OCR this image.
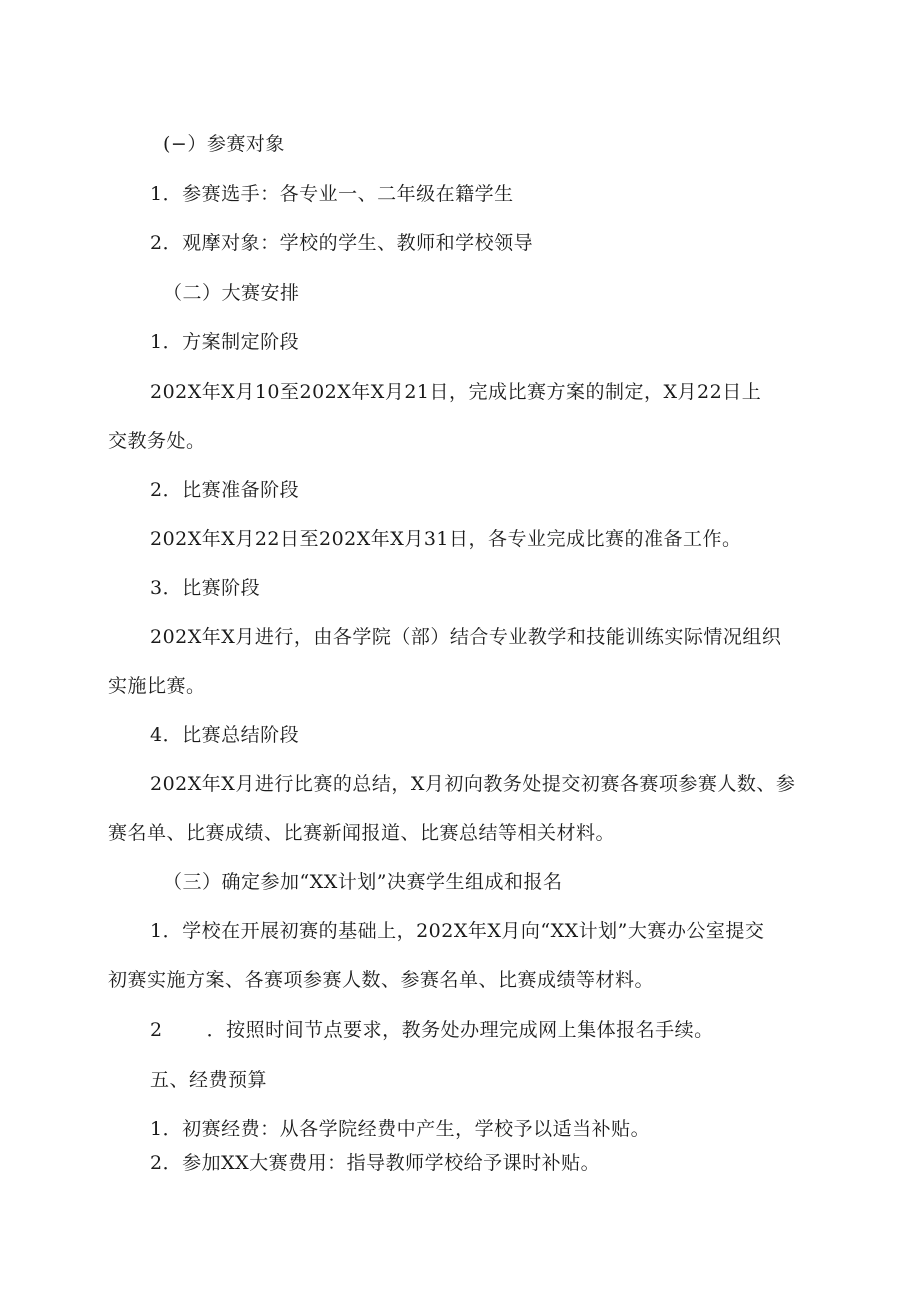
(−）参赛对象
1．参赛选手：各专业一、二年级在籍学生
2．观摩对象：学校的学生、教师和学校领导
（二）大赛安排
1．方案制定阶段
202X年X月10至202X年X月21日，完成比赛方案的制定，X月22日上
交教务处。
2．比赛准备阶段
202X年X月22日至202X年X月31日，各专业完成比赛的准备工作。
3．比赛阶段
202X年X月进行，由各学院（部）结合专业教学和技能训练实际情况组织
实施比赛。
4．比赛总结阶段
202X年X月进行比赛的总结，X月初向教务处提交初赛各赛项参赛人数、参
赛名单、比赛成绩、比赛新闻报道、比赛总结等相关材料。
（三）确定参加“XX计划”决赛学生组成和报名
1．学校在开展初赛的基础上，202X年X月向“XX计划”大赛办公室提交
初赛实施方案、各赛项参赛人数、参赛名单、比赛成绩等材料。
2 ．按照时间节点要求，教务处办理完成网上集体报名手续。
五、经费预算
1．初赛经费：从各学院经费中产生，学校予以适当补贴。
2．参加XX大赛费用：指导教师学校给予课时补贴。
